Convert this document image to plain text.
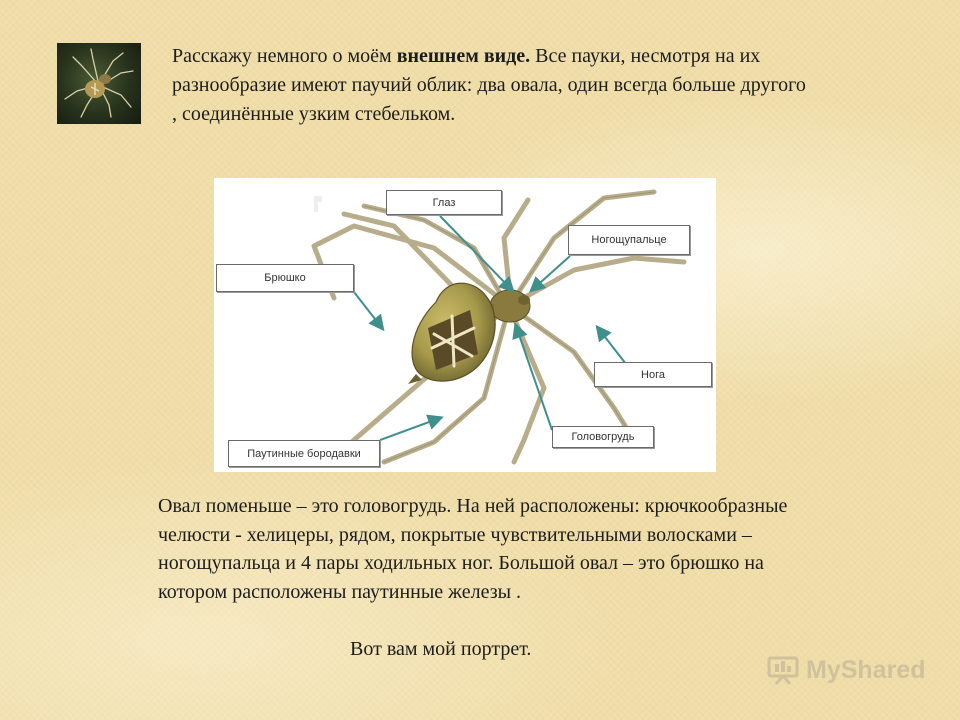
Расскажу немного о моём внешнем виде. Все пауки, несмотря на их разнообразие имеют паучий облик: два овала, один всегда больше другого , соединённые узким стебельком.

Глаз
Ногощупальце
Брюшко
Нога
Паутинные бородавки
Головогрудь

Овал поменьше – это головогрудь. На ней расположены: крючкообразные челюсти - хелицеры, рядом, покрытые чувствительными волосками – ногощупальца и 4 пары ходильных ног. Большой овал – это брюшко на котором расположены паутинные железы .

Вот вам мой портрет.

MyShared
